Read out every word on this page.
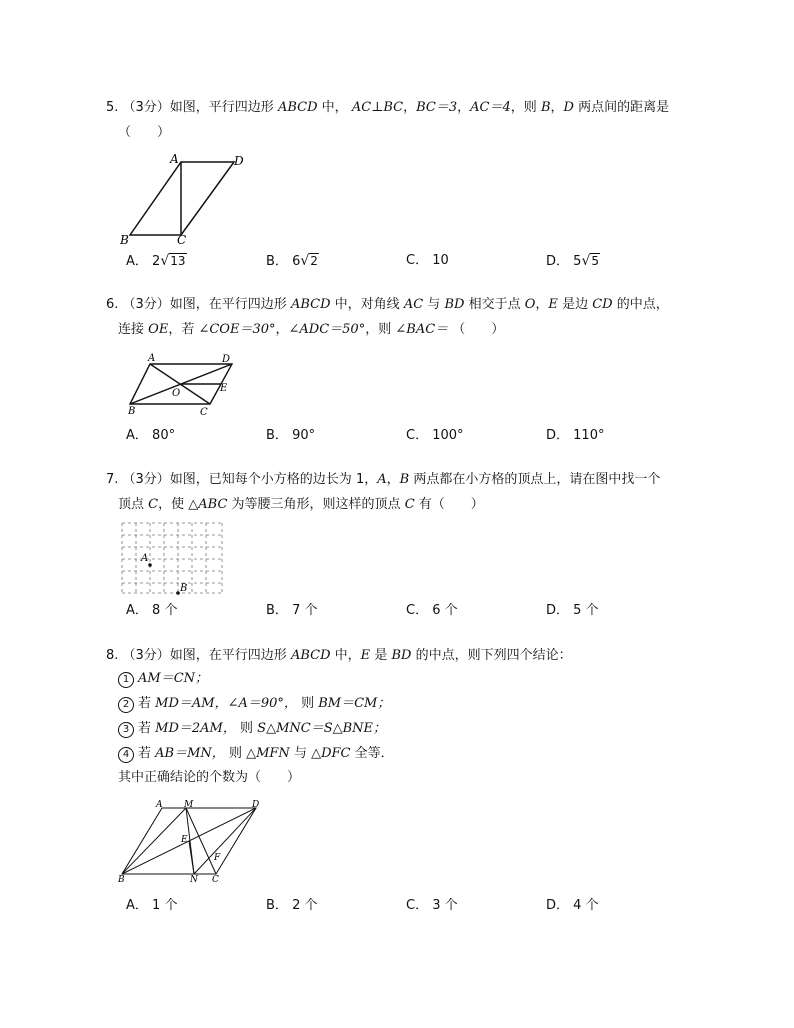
5. （3分）如图，平行四边形 ABCD 中， AC⊥BC，BC＝3，AC＝4，则 B，D 两点间的距离是
（　　）
A	D
B	C
A． 2√13	B． 6√2	C． 10	D． 5√5
6. （3分）如图，在平行四边形 ABCD 中，对角线 AC 与 BD 相交于点 O，E 是边 CD 的中点，
连接 OE，若 ∠COE＝30°，∠ADC＝50°，则 ∠BAC＝ （　　）
A	D
E
O
B	C
A． 80°	B． 90°	C． 100°	D． 110°
7. （3分）如图，已知每个小方格的边长为 1，A，B 两点都在小方格的顶点上，请在图中找一个
顶点 C，使 △ABC 为等腰三角形，则这样的顶点 C 有（　　）
A
B
A． 8 个	B． 7 个	C． 6 个	D． 5 个
8. （3分）如图，在平行四边形 ABCD 中，E 是 BD 的中点，则下列四个结论：
1 AM＝CN；
2 若 MD＝AM，∠A＝90°， 则 BM＝CM；
3 若 MD＝2AM， 则 S△MNC＝S△BNE；
4 若 AB＝MN， 则 △MFN 与 △DFC 全等．
其中正确结论的个数为（　　）
A M	D
E
F
B	N C
A． 1 个	B． 2 个	C． 3 个	D． 4 个
